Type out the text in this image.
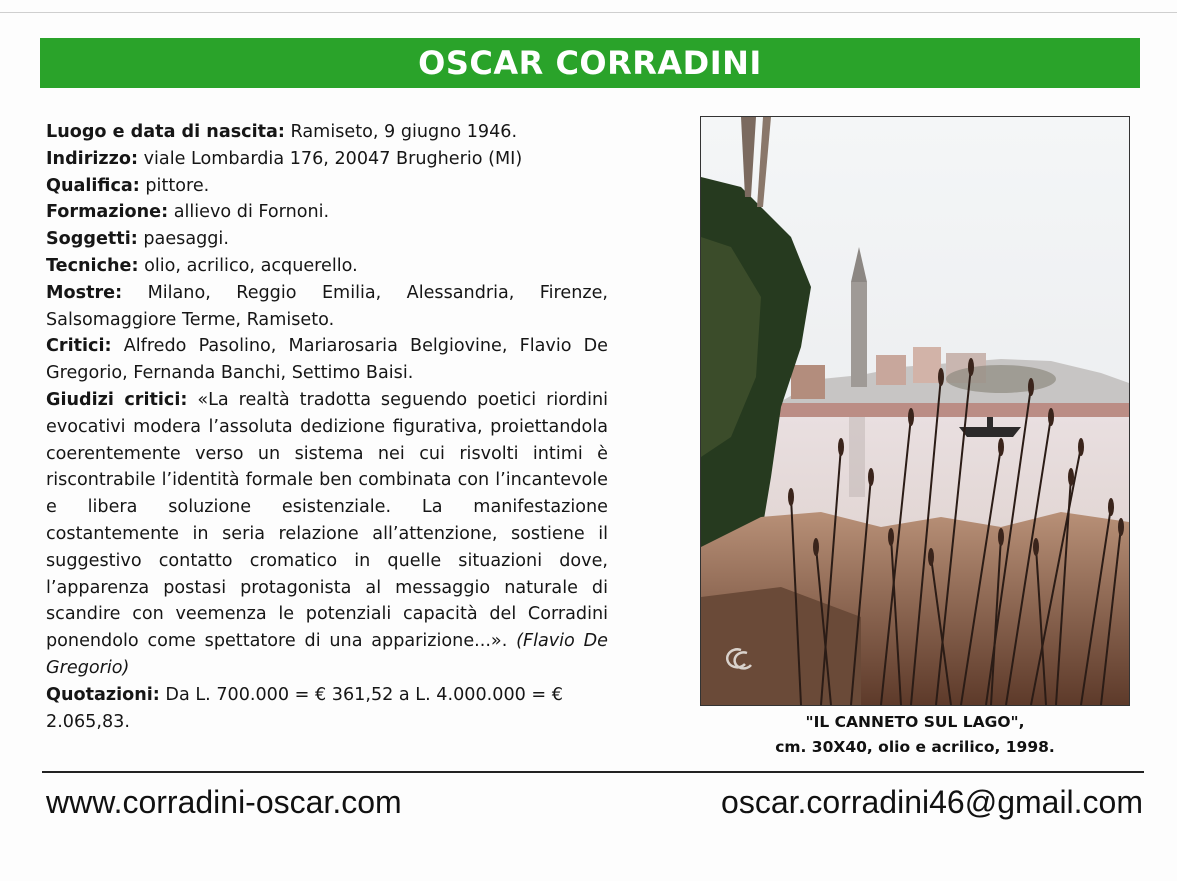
OSCAR CORRADINI

Luogo e data di nascita: Ramiseto, 9 giugno 1946.

Indirizzo: viale Lombardia 176, 20047 Brugherio (MI)

Qualifica: pittore.

Formazione: allievo di Fornoni.

Soggetti: paesaggi.

Tecniche: olio, acrilico, acquerello.

Mostre: Milano, Reggio Emilia, Alessandria, Firenze, Salsomaggiore Terme, Ramiseto.

Critici: Alfredo Pasolino, Mariarosaria Belgiovine, Flavio De Gregorio, Fernanda Banchi, Settimo Baisi.

Giudizi critici: «La realtà tradotta seguendo poetici riordini evocativi modera l’assoluta dedizione figurativa, proiettandola coerentemente verso un sistema nei cui risvolti intimi è riscontrabile l’identità formale ben combinata con l’incantevole e libera soluzione esistenziale. La manifestazione costantemente in seria relazione all’attenzione, sostiene il suggestivo contatto cromatico in quelle situazioni dove, l’apparenza postasi protagonista al messaggio naturale di scandire con veemenza le potenziali capacità del Corradini ponendolo come spettatore di una apparizione...». (Flavio De Gregorio)

Quotazioni: Da L. 700.000 = € 361,52 a L. 4.000.000 = € 2.065,83.	"IL CANNETO SUL LAGO",
cm. 30X40, olio e acrilico, 1998.
www.corradini-oscar.com	oscar.corradini46@gmail.com
